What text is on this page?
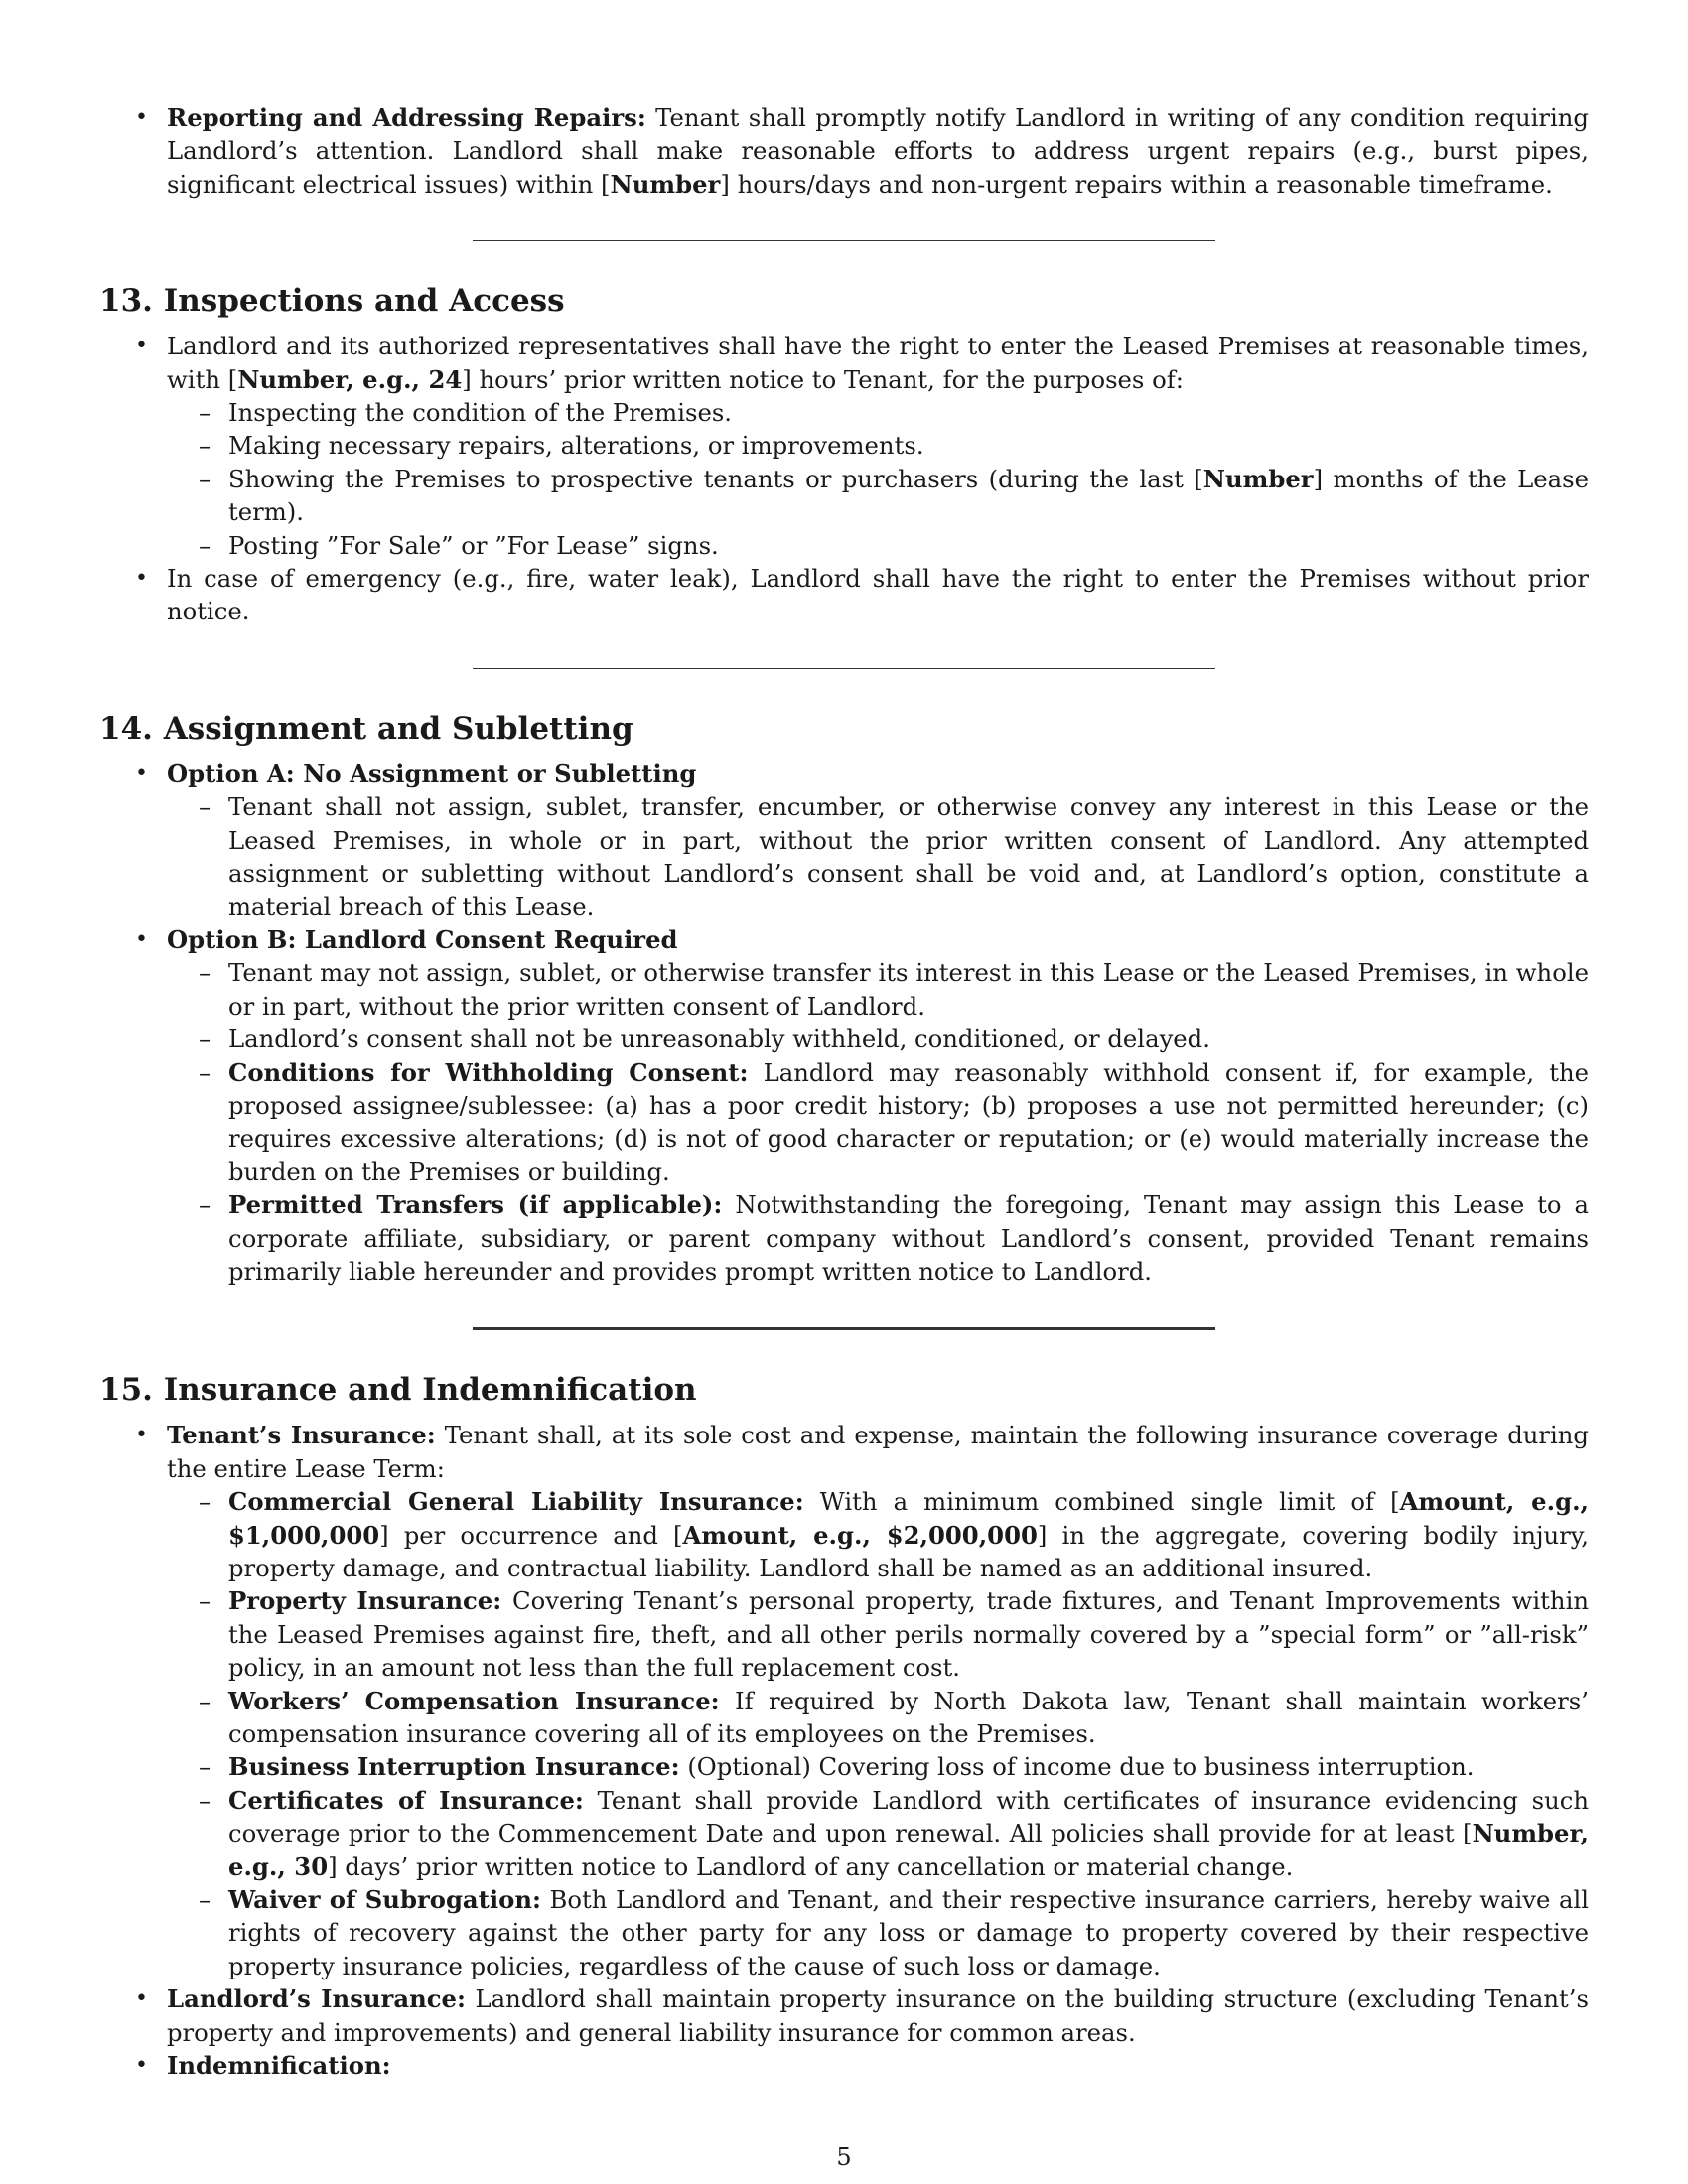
• Reporting and Addressing Repairs: Tenant shall promptly notify Landlord in writing of any condition requiring Landlord’s attention. Landlord shall make reasonable efforts to address urgent repairs (e.g., burst pipes, significant electrical issues) within [Number] hours/days and non-urgent repairs within a reasonable timeframe.
13. Inspections and Access
• Landlord and its authorized representatives shall have the right to enter the Leased Premises at reasonable times, with [Number, e.g., 24] hours’ prior written notice to Tenant, for the purposes of:
– Inspecting the condition of the Premises.
– Making necessary repairs, alterations, or improvements.
– Showing the Premises to prospective tenants or purchasers (during the last [Number] months of the Lease term).
– Posting ”For Sale” or ”For Lease” signs.
• In case of emergency (e.g., fire, water leak), Landlord shall have the right to enter the Premises without prior notice.
14. Assignment and Subletting
• Option A: No Assignment or Subletting
– Tenant shall not assign, sublet, transfer, encumber, or otherwise convey any interest in this Lease or the Leased Premises, in whole or in part, without the prior written consent of Landlord. Any attempted assignment or subletting without Landlord’s consent shall be void and, at Landlord’s option, constitute a material breach of this Lease.
• Option B: Landlord Consent Required
– Tenant may not assign, sublet, or otherwise transfer its interest in this Lease or the Leased Premises, in whole or in part, without the prior written consent of Landlord.
– Landlord’s consent shall not be unreasonably withheld, conditioned, or delayed.
– Conditions for Withholding Consent: Landlord may reasonably withhold consent if, for example, the proposed assignee/sublessee: (a) has a poor credit history; (b) proposes a use not permitted hereunder; (c) requires excessive alterations; (d) is not of good character or reputation; or (e) would materially increase the burden on the Premises or building.
– Permitted Transfers (if applicable): Notwithstanding the foregoing, Tenant may assign this Lease to a corporate affiliate, subsidiary, or parent company without Landlord’s consent, provided Tenant remains primarily liable hereunder and provides prompt written notice to Landlord.
15. Insurance and Indemnification
• Tenant’s Insurance: Tenant shall, at its sole cost and expense, maintain the following insurance coverage during the entire Lease Term:
– Commercial General Liability Insurance: With a minimum combined single limit of [Amount, e.g., $1,000,000] per occurrence and [Amount, e.g., $2,000,000] in the aggregate, covering bodily injury, property damage, and contractual liability. Landlord shall be named as an additional insured.
– Property Insurance: Covering Tenant’s personal property, trade fixtures, and Tenant Improvements within the Leased Premises against fire, theft, and all other perils normally covered by a ”special form” or ”all-risk” policy, in an amount not less than the full replacement cost.
– Workers’ Compensation Insurance: If required by North Dakota law, Tenant shall maintain workers’ compensation insurance covering all of its employees on the Premises.
– Business Interruption Insurance: (Optional) Covering loss of income due to business interruption.
– Certificates of Insurance: Tenant shall provide Landlord with certificates of insurance evidencing such coverage prior to the Commencement Date and upon renewal. All policies shall provide for at least [Number, e.g., 30] days’ prior written notice to Landlord of any cancellation or material change.
– Waiver of Subrogation: Both Landlord and Tenant, and their respective insurance carriers, hereby waive all rights of recovery against the other party for any loss or damage to property covered by their respective property insurance policies, regardless of the cause of such loss or damage.
• Landlord’s Insurance: Landlord shall maintain property insurance on the building structure (excluding Tenant’s property and improvements) and general liability insurance for common areas.
• Indemnification:
5
